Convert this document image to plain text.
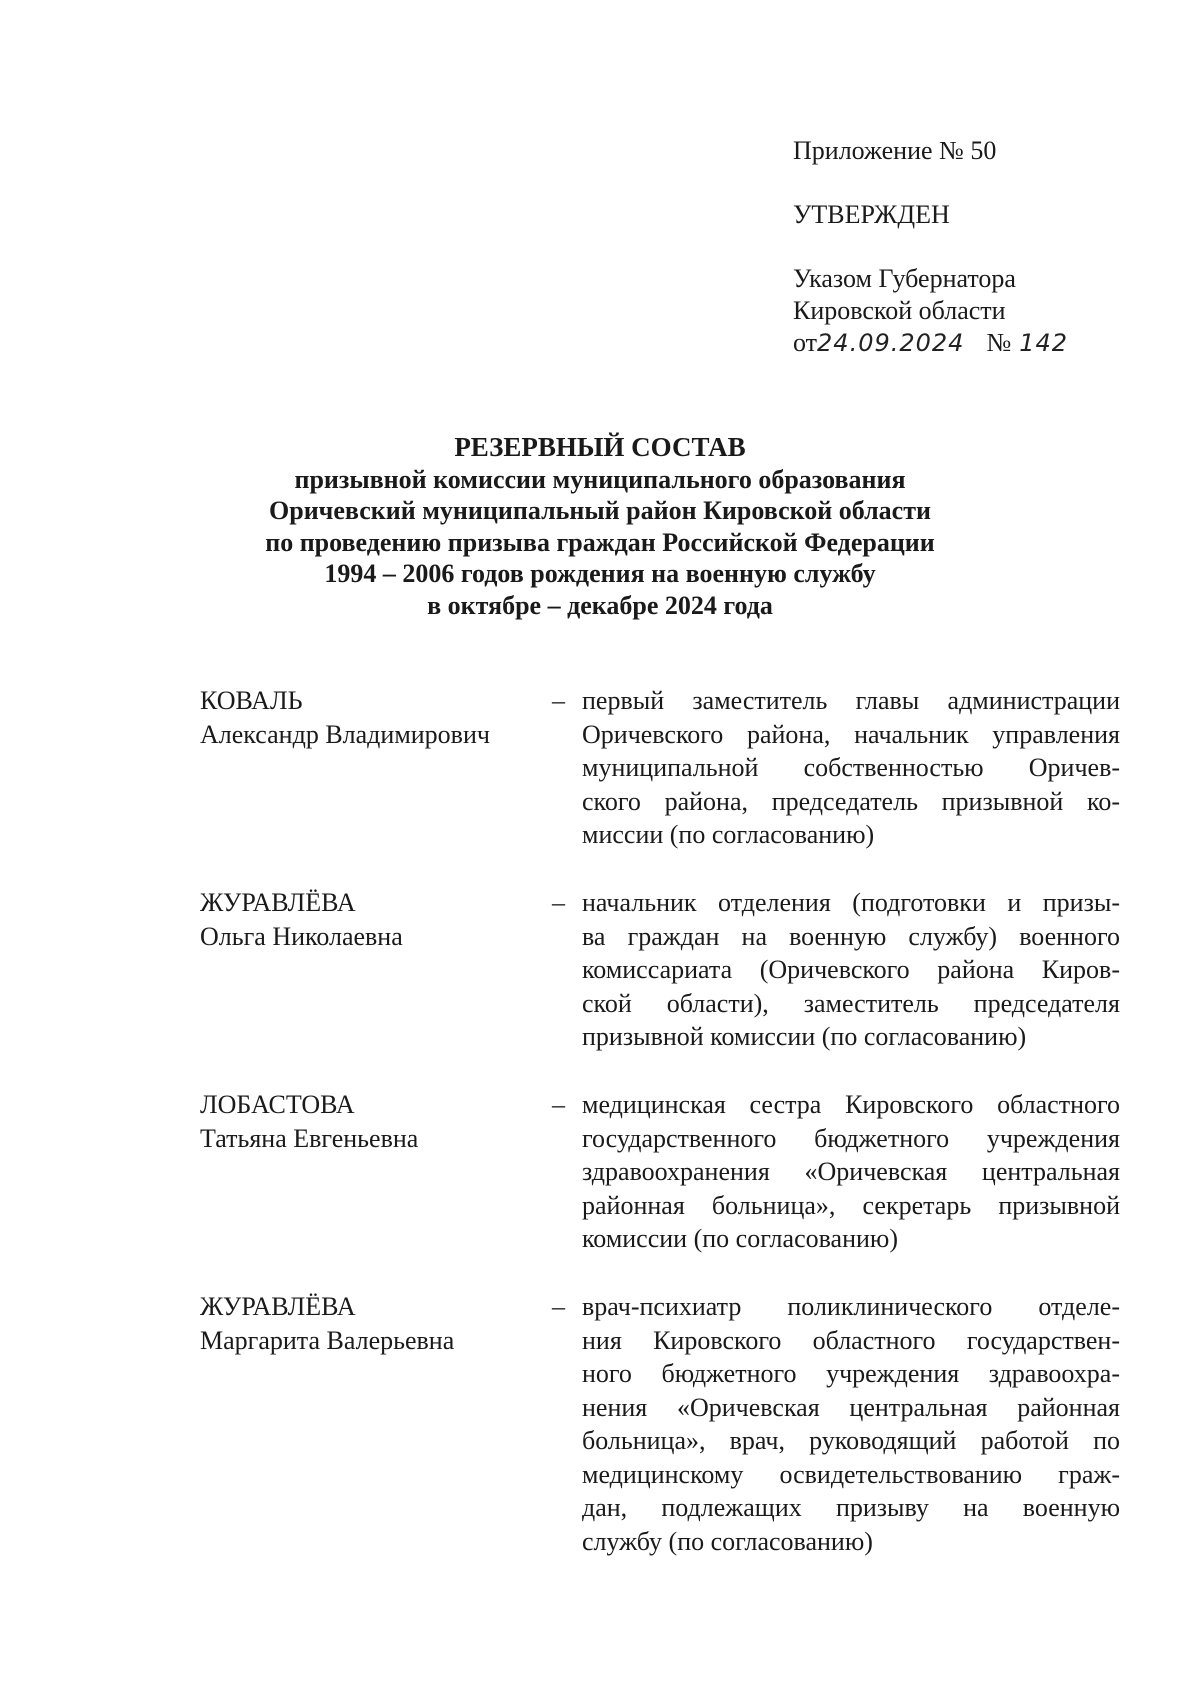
Приложение № 50
УТВЕРЖДЕН
Указом Губернатора
Кировской области
от24.09.2024 № 142
РЕЗЕРВНЫЙ СОСТАВ
призывной комиссии муниципального образования
Оричевский муниципальный район Кировской области
по проведению призыва граждан Российской Федерации
1994 – 2006 годов рождения на военную службу
в октябре – декабре 2024 года
КОВАЛЬ
Александр Владимирович
– первый заместитель главы администрации
Оричевского района, начальник управления
муниципальной собственностью Оричев-
ского района, председатель призывной ко-
миссии (по согласованию)
ЖУРАВЛЁВА
Ольга Николаевна
– начальник отделения (подготовки и призы-
ва граждан на военную службу) военного
комиссариата (Оричевского района Киров-
ской области), заместитель председателя
призывной комиссии (по согласованию)
ЛОБАСТОВА
Татьяна Евгеньевна
– медицинская сестра Кировского областного
государственного бюджетного учреждения
здравоохранения «Оричевская центральная
районная больница», секретарь призывной
комиссии (по согласованию)
ЖУРАВЛЁВА
Маргарита Валерьевна
– врач-психиатр поликлинического отделе-
ния Кировского областного государствен-
ного бюджетного учреждения здравоохра-
нения «Оричевская центральная районная
больница», врач, руководящий работой по
медицинскому освидетельствованию граж-
дан, подлежащих призыву на военную
службу (по согласованию)
